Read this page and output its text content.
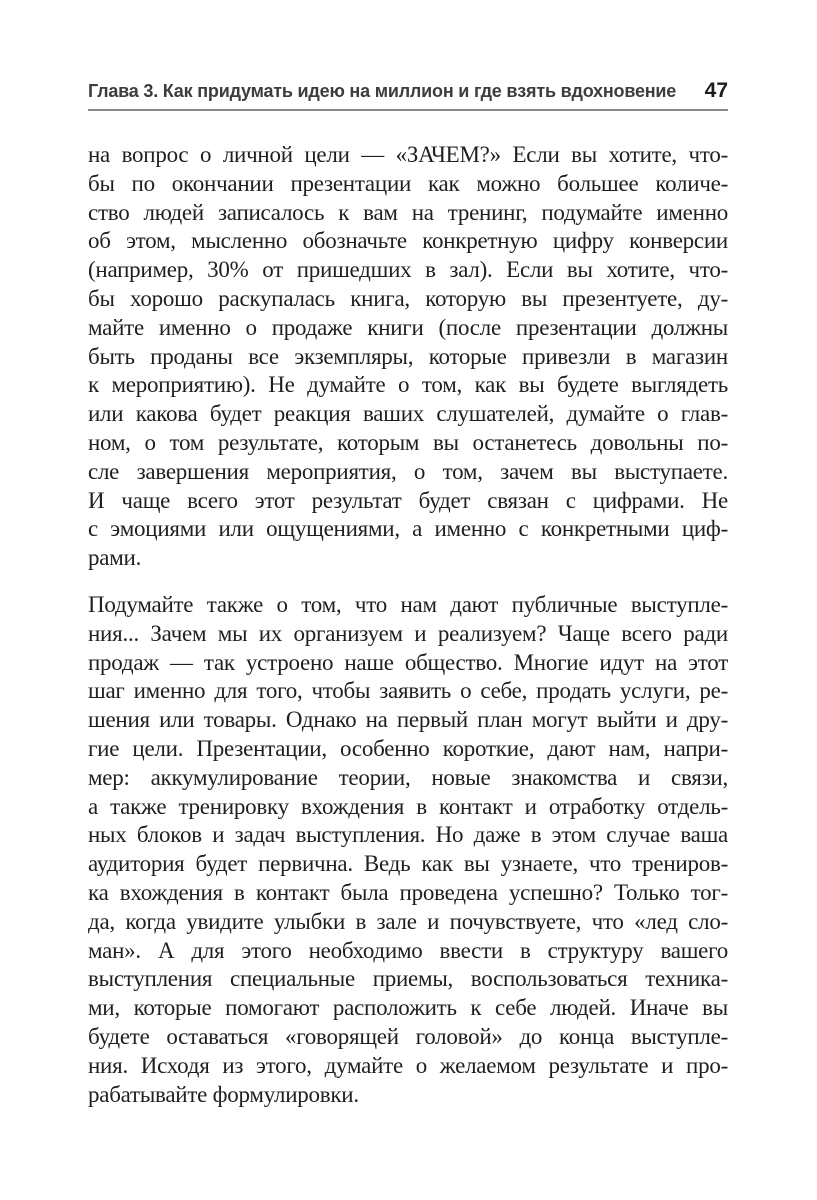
Глава 3. Как придумать идею на миллион и где взять вдохновение 47
на вопрос о личной цели — «ЗАЧЕМ?» Если вы хотите, что-
бы по окончании презентации как можно большее количе-
ство людей записалось к вам на тренинг, подумайте именно
об этом, мысленно обозначьте конкретную цифру конверсии
(например, 30% от пришедших в зал). Если вы хотите, что-
бы хорошо раскупалась книга, которую вы презентуете, ду-
майте именно о продаже книги (после презентации должны
быть проданы все экземпляры, которые привезли в магазин
к мероприятию). Не думайте о том, как вы будете выглядеть
или какова будет реакция ваших слушателей, думайте о глав-
ном, о том результате, которым вы останетесь довольны по-
сле завершения мероприятия, о том, зачем вы выступаете.
И чаще всего этот результат будет связан с цифрами. Не
с эмоциями или ощущениями, а именно с конкретными циф-
рами.
Подумайте также о том, что нам дают публичные выступле-
ния... Зачем мы их организуем и реализуем? Чаще всего ради
продаж — так устроено наше общество. Многие идут на этот
шаг именно для того, чтобы заявить о себе, продать услуги, ре-
шения или товары. Однако на первый план могут выйти и дру-
гие цели. Презентации, особенно короткие, дают нам, напри-
мер: аккумулирование теории, новые знакомства и связи,
а также тренировку вхождения в контакт и отработку отдель-
ных блоков и задач выступления. Но даже в этом случае ваша
аудитория будет первична. Ведь как вы узнаете, что трениров-
ка вхождения в контакт была проведена успешно? Только тог-
да, когда увидите улыбки в зале и почувствуете, что «лед сло-
ман». А для этого необходимо ввести в структуру вашего
выступления специальные приемы, воспользоваться техника-
ми, которые помогают расположить к себе людей. Иначе вы
будете оставаться «говорящей головой» до конца выступле-
ния. Исходя из этого, думайте о желаемом результате и про-
рабатывайте формулировки.
